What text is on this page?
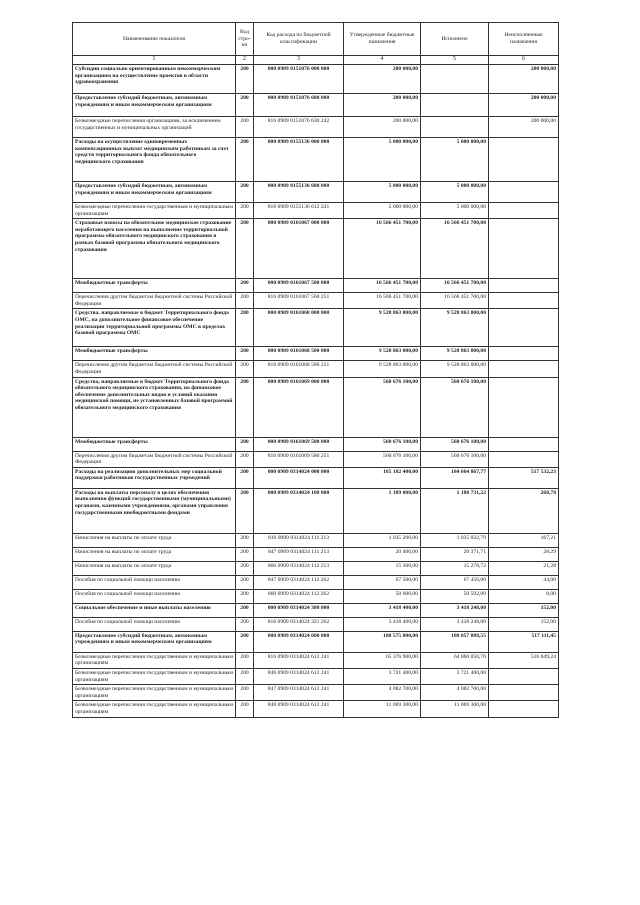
Наименование показателя	Код стро-ки	Код расхода по бюджетной классификации	Утвержденные бюджетные назначения	Исполнено	Неисполненные назначения
1	2	3	4	5	6
Субсидии социально ориентированным некоммерческим организациям на осуществление проектов в области здравоохранения	200	000 0909 0151076 000 000	200 000,00		200 000,00
Предоставление субсидий бюджетным, автономным учреждениям и иным некоммерческим организациям	200	000 0909 0151076 600 000	200 000,00		200 000,00
Безвозмездные перечисления организациям, за исключением государственных и муниципальных организаций	200	816 0909 0151076 630 242	200 000,00		200 000,00
Расходы на осуществление единовременных компенсационных выплат медицинским работникам за счет средств территориального фонда обязательного медицинского страхования	200	000 0909 0155136 000 000	5 000 000,00	5 000 000,00	
Предоставление субсидий бюджетным, автономным учреждениям и иным некоммерческим организациям	200	000 0909 0155136 600 000	5 000 000,00	5 000 000,00	
Безвозмездные перечисления государственным и муниципальным организациям	200	816 0909 0155136 612 241	5 000 000,00	5 000 000,00	
Страховые взносы на обязательное медицинское страхование неработающего населения на выполнение территориальной программы обязательного медицинского страхования в рамках базовой программы обязательного медицинского страхования	200	000 0909 0161067 000 000	16 566 451 700,00	16 566 451 700,00	
Межбюджетные трансферты	200	000 0909 0161067 500 000	16 566 451 700,00	16 566 451 700,00	
Перечисления другим бюджетам бюджетной системы Российской Федерации	200	816 0909 0161067 560 251	16 566 451 700,00	16 566 451 700,00	
Средства, направляемые в бюджет Территориального фонда ОМС, на дополнительное финансовое обеспечение реализации территориальной программы ОМС в пределах базовой программы ОМС	200	000 0909 0161068 000 000	9 528 863 000,00	9 528 863 000,00	
Межбюджетные трансферты	200	000 0909 0161068 500 000	9 528 863 000,00	9 528 863 000,00	
Перечисления другим бюджетам бюджетной системы Российской Федерации	200	816 0909 0161068 580 251	9 528 863 000,00	9 528 863 000,00	
Средства, направляемые в бюджет Территориального фонда обязательного медицинского страхования, на финансовое обеспечение дополнительных видов и условий оказания медицинской помощи, не установленных базовой программой обязательного медицинского страхования	200	000 0909 0161069 000 000	560 676 100,00	560 676 100,00	
Межбюджетные трансферты	200	000 0909 0161069 500 000	560 676 100,00	560 676 100,00	
Перечисления другим бюджетам бюджетной системы Российской Федерации	200	816 0909 0161069 580 251	560 676 100,00	560 676 100,00	
Расходы на реализацию дополнительных мер социальной поддержки работников государственных учреждений	200	000 0909 0314024 000 000	185 182 400,00	184 664 867,77	517 532,23
Расходы на выплаты персоналу в целях обеспечения выполнения функций государственными (муниципальными) органами, казенными учреждениями, органами управления государственными внебюджетными фондами	200	000 0909 0314024 100 000	1 189 000,00	1 188 731,22	268,78
Начисления на выплаты по оплате труда	200	816 0909 0314024 111 213	1 035 200,00	1 035 032,79	167,21
Начисления на выплаты по оплате труда	200	847 0909 0314024 111 213	20 400,00	20 371,71	28,29
Начисления на выплаты по оплате труда	200	860 0909 0314024 112 213	15 300,00	15 278,72	21,28
Пособия по социальной помощи населению	200	847 0909 0314024 112 262	67 500,00	67 456,00	44,00
Пособия по социальной помощи населению	200	860 0909 0314024 112 262	50 600,00	50 592,00	8,00
Социальное обеспечение и иные выплаты населению	200	000 0909 0314024 300 000	3 418 400,00	3 418 248,00	152,00
Пособия по социальной помощи населению	200	816 0909 0314024 321 262	3 418 400,00	3 418 248,00	152,00
Предоставление субсидий бюджетным, автономным учреждениям и иным некоммерческим организациям	200	000 0909 0314024 600 000	180 575 000,00	180 057 888,55	517 111,45
Безвозмездные перечисления государственным и муниципальным организациям	200	816 0909 0314024 612 241	65 376 900,00	64 860 050,76	516 849,24
Безвозмездные перечисления государственным и муниципальным организациям	200	846 0909 0314024 612 241	3 721 400,00	3 721 400,00	
Безвозмездные перечисления государственным и муниципальным организациям	200	847 0909 0314024 612 241	4 082 700,00	4 082 700,00	
Безвозмездные перечисления государственным и муниципальным организациям	200	848 0909 0314024 612 241	11 069 300,00	11 069 300,00	
